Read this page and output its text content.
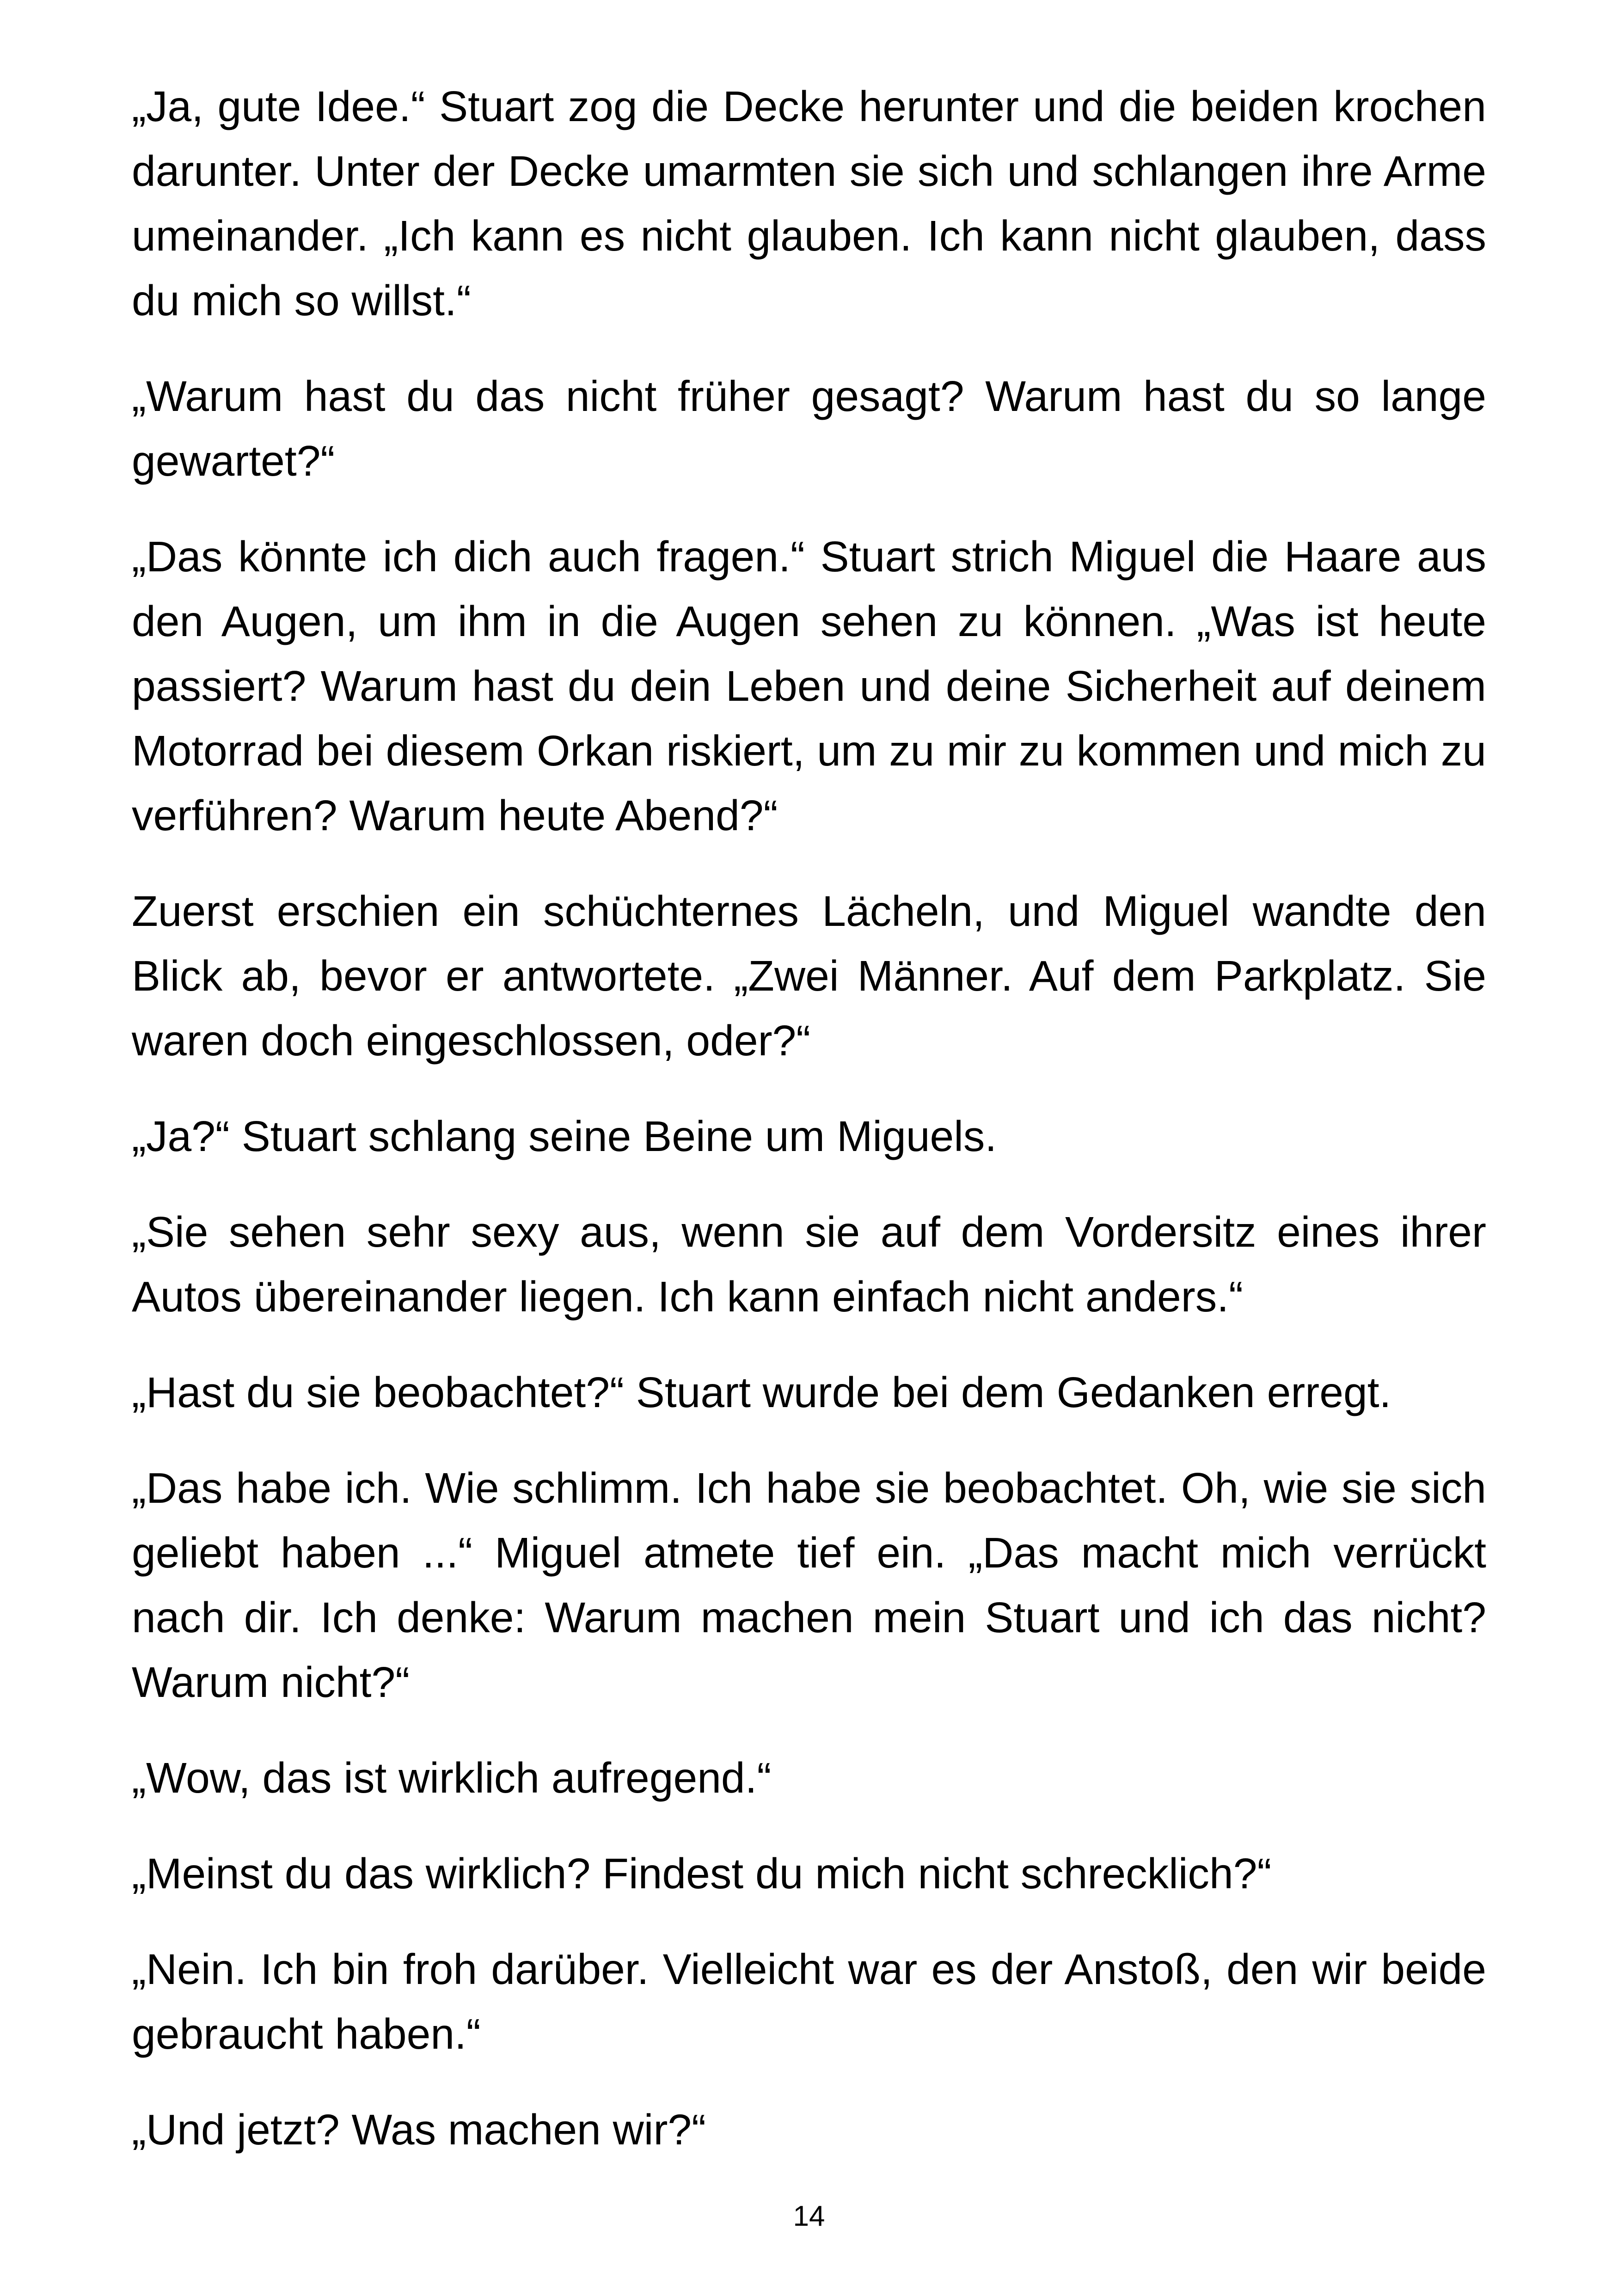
„Ja, gute Idee.“ Stuart zog die Decke herunter und die beiden krochen darunter. Unter der Decke umarmten sie sich und schlangen ihre Arme umeinander. „Ich kann es nicht glauben. Ich kann nicht glauben, dass du mich so willst.“

„Warum hast du das nicht früher gesagt? Warum hast du so lange gewartet?“

„Das könnte ich dich auch fragen.“ Stuart strich Miguel die Haare aus den Augen, um ihm in die Augen sehen zu können. „Was ist heute passiert? Warum hast du dein Leben und deine Sicherheit auf deinem Motorrad bei diesem Orkan riskiert, um zu mir zu kommen und mich zu verführen? Warum heute Abend?“

Zuerst erschien ein schüchternes Lächeln, und Miguel wandte den Blick ab, bevor er antwortete. „Zwei Männer. Auf dem Parkplatz. Sie waren doch eingeschlossen, oder?“

„Ja?“ Stuart schlang seine Beine um Miguels.

„Sie sehen sehr sexy aus, wenn sie auf dem Vordersitz eines ihrer Autos übereinander liegen. Ich kann einfach nicht anders.“

„Hast du sie beobachtet?“ Stuart wurde bei dem Gedanken erregt.

„Das habe ich. Wie schlimm. Ich habe sie beobachtet. Oh, wie sie sich geliebt haben ...“ Miguel atmete tief ein. „Das macht mich verrückt nach dir. Ich denke: Warum machen mein Stuart und ich das nicht? Warum nicht?“

„Wow, das ist wirklich aufregend.“

„Meinst du das wirklich? Findest du mich nicht schrecklich?“

„Nein. Ich bin froh darüber. Vielleicht war es der Anstoß, den wir beide gebraucht haben.“

„Und jetzt? Was machen wir?“

14
